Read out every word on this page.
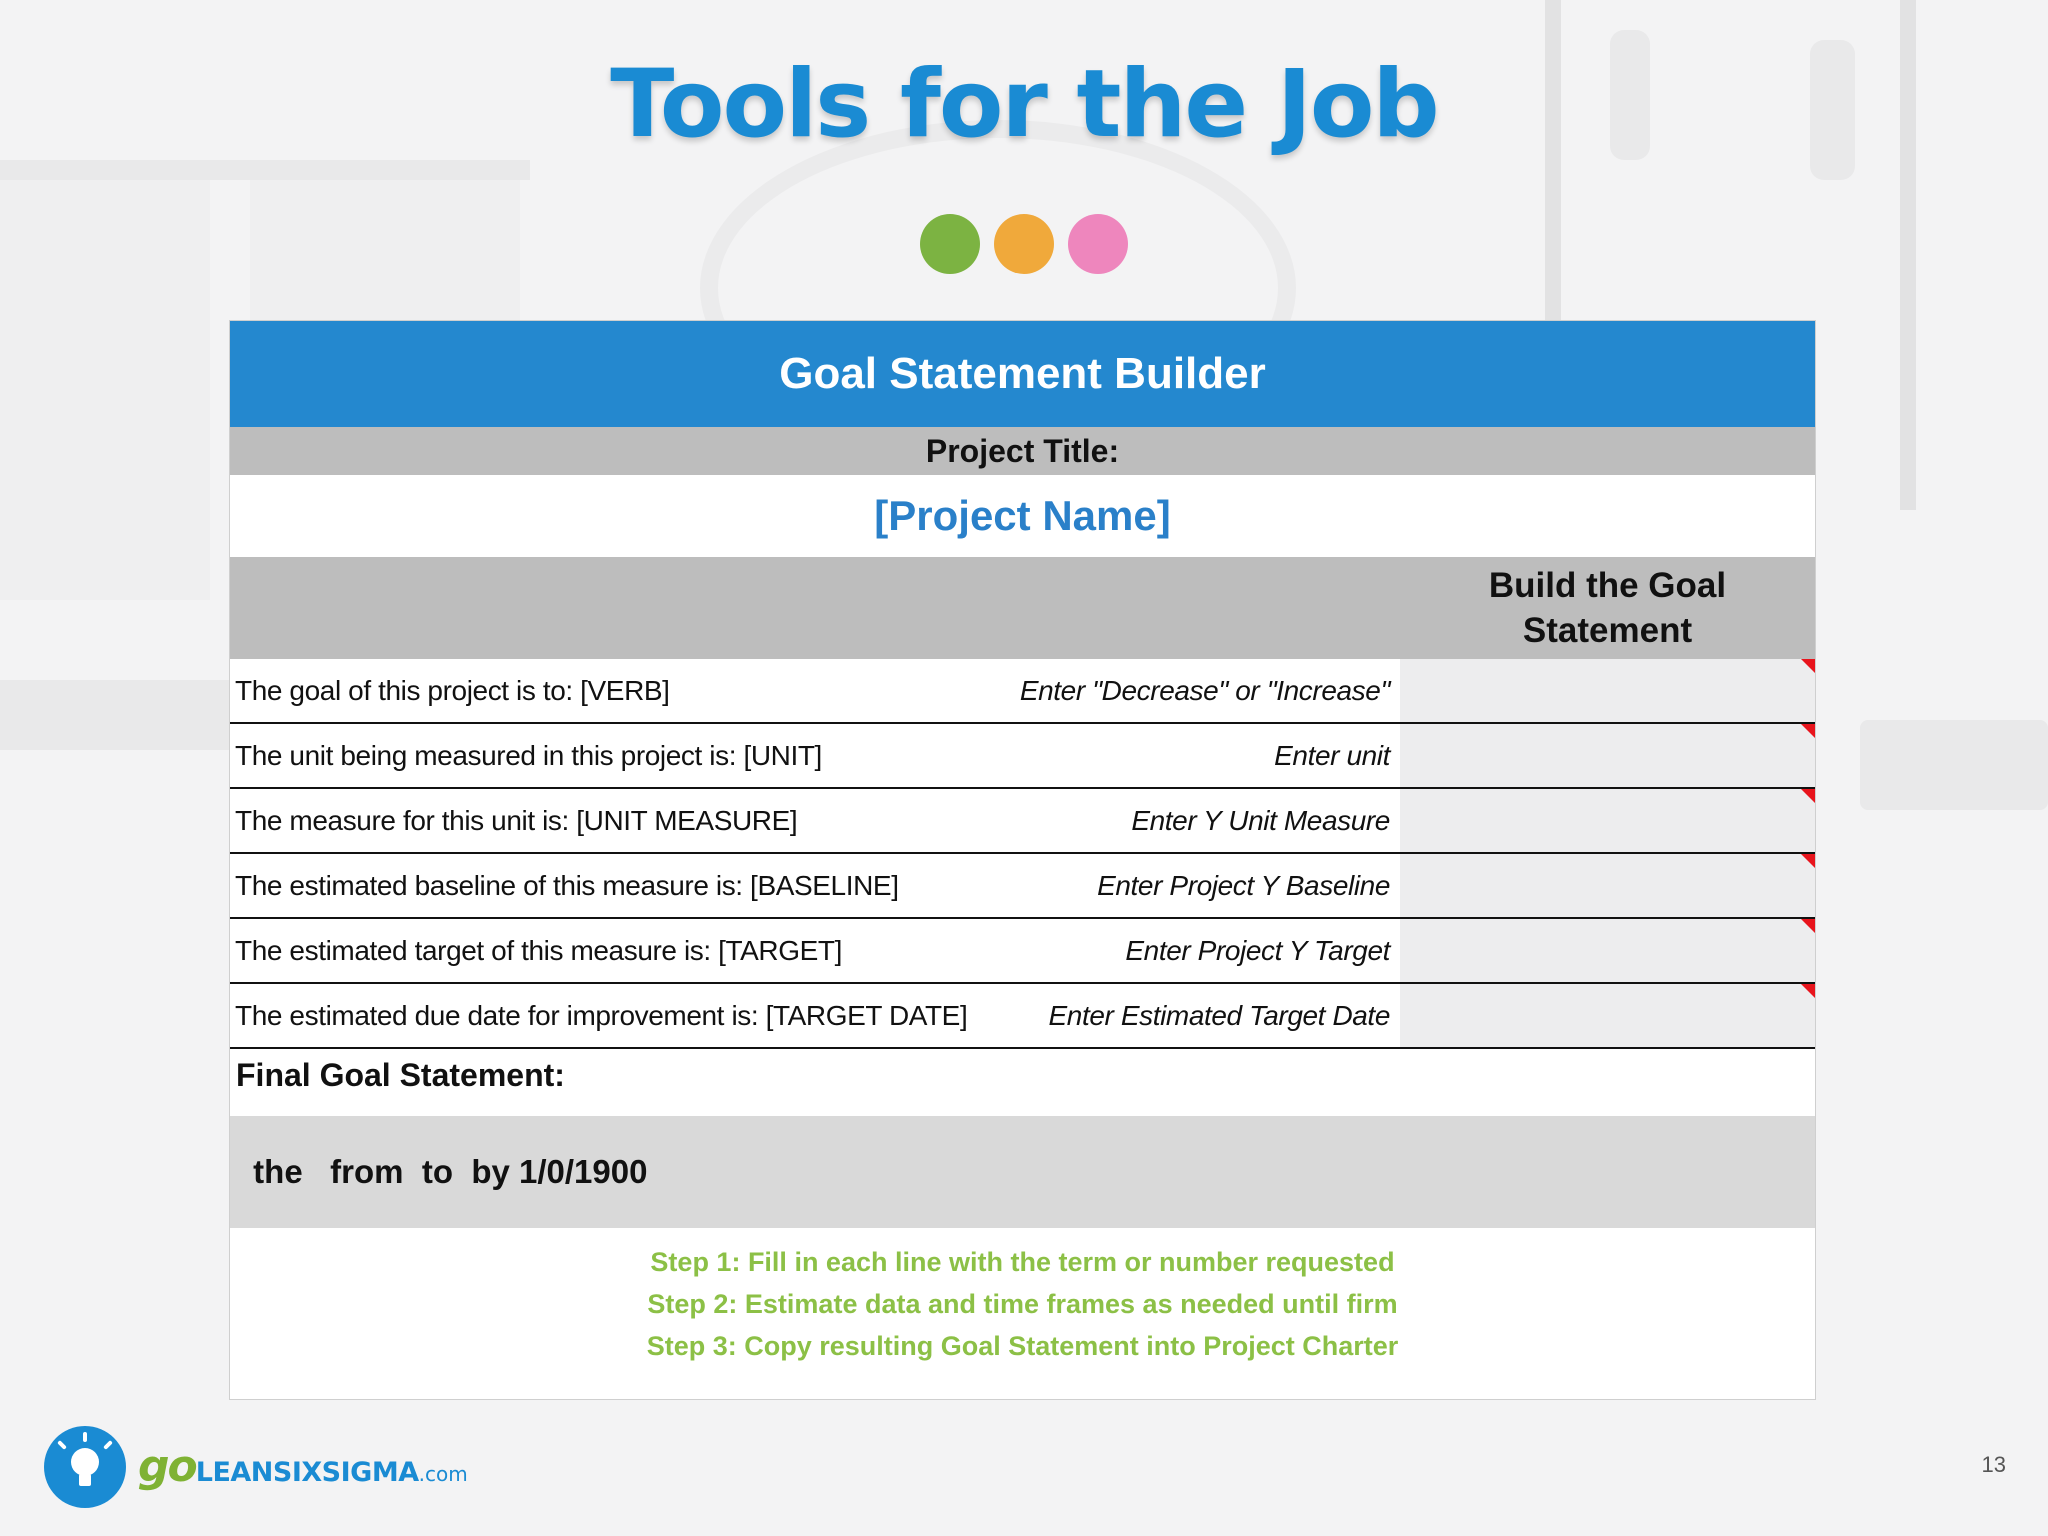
Tools for the Job
Goal Statement Builder
Project Title:
[Project Name]
Build the Goal Statement
The goal of this project is to: [VERB]	Enter "Decrease" or "Increase"
The unit being measured in this project is: [UNIT]	Enter unit
The measure for this unit is: [UNIT MEASURE]	Enter Y Unit Measure
The estimated baseline of this measure is: [BASELINE]	Enter Project Y Baseline
The estimated target of this measure is: [TARGET]	Enter Project Y Target
The estimated due date for improvement is: [TARGET DATE]	Enter Estimated Target Date
Final Goal Statement:
the   from  to  by 1/0/1900
Step 1: Fill in each line with the term or number requested
Step 2: Estimate data and time frames as needed until firm
Step 3: Copy resulting Goal Statement into Project Charter
goLEANSIXSIGMA.com	13
